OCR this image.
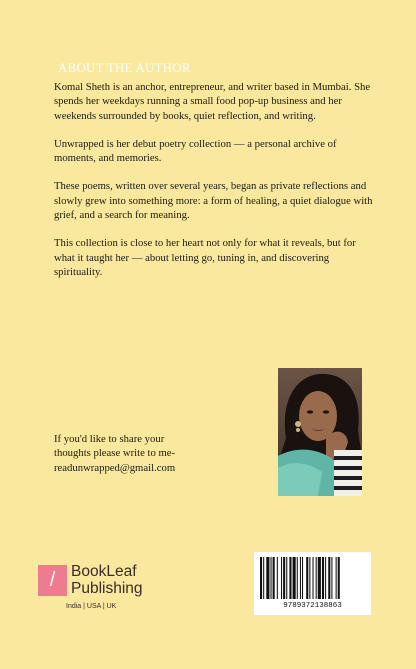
ABOUT THE AUTHOR

Komal Sheth is an anchor, entrepreneur, and writer based in Mumbai. She spends her weekdays running a small food pop-up business and her weekends surrounded by books, quiet reflection, and writing.

Unwrapped is her debut poetry collection — a personal archive of moments, and memories.

These poems, written over several years, began as private reflections and slowly grew into something more: a form of healing, a quiet dialogue with grief, and a search for meaning.

This collection is close to her heart not only for what it reveals, but for what it taught her — about letting go, tuning in, and discovering spirituality.

If you'd like to share your
thoughts please write to me-
readunwrapped@gmail.com
/	BookLeaf
Publishing
India | USA | UK	9789372138863
